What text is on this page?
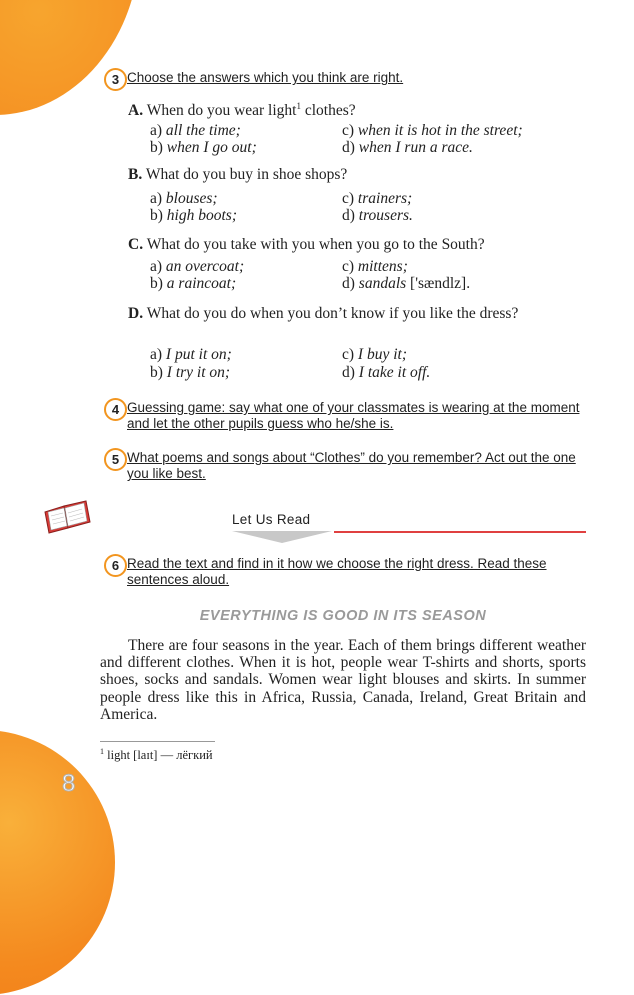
8
3 Choose the answers which you think are right.
A. When do you wear light$^1$ clothes?
a) all the time;	c) when it is hot in the street;
b) when I go out;	d) when I run a race.
B. What do you buy in shoe shops?
a) blouses;	c) trainers;
b) high boots;	d) trousers.
C. What do you take with you when you go to the South?
a) an overcoat;	c) mittens;
b) a raincoat;	d) sandals ['sændlz].
D. What do you do when you don’t know if you like the dress?
a) I put it on;	c) I buy it;
b) I try it on;	d) I take it off.
4 Guessing game: say what one of your classmates is wearing at the moment and let the other pupils guess who he/she is.
5 What poems and songs about “Clothes” do you remember? Act out the one you like best.
Let Us Read
6 Read the text and find in it how we choose the right dress. Read these sentences aloud.
EVERYTHING IS GOOD IN ITS SEASON
There are four seasons in the year. Each of them brings different weather and different clothes. When it is hot, people wear T-shirts and shorts, sports shoes, socks and sandals. Women wear light blouses and skirts. In summer people dress like this in Africa, Russia, Canada, Ireland, Great Britain and America.
$^1$ light [laɪt] — лёгкий
